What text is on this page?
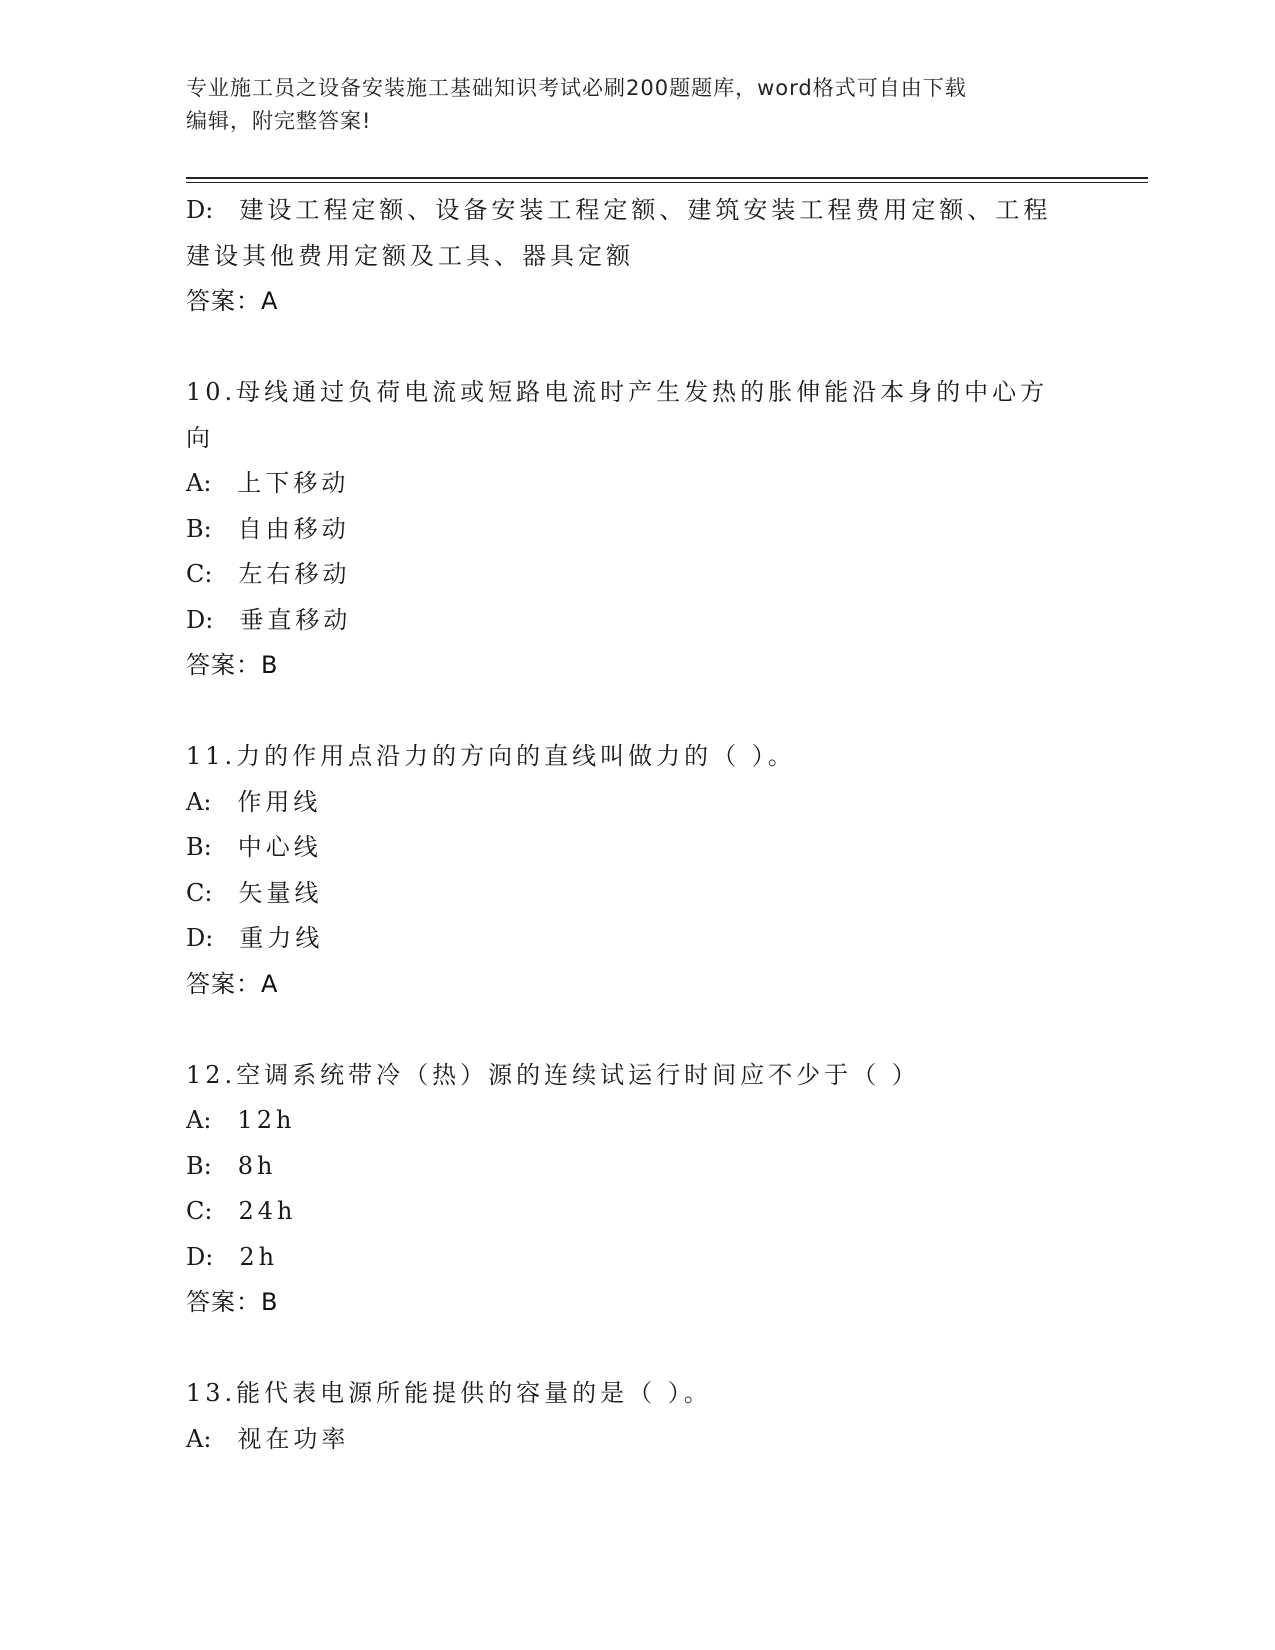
专业施工员之设备安装施工基础知识考试必刷200题题库，word格式可自由下载
编辑，附完整答案!
D: 建设工程定额、设备安装工程定额、建筑安装工程费用定额、工程
建设其他费用定额及工具、器具定额
答案：A
10.母线通过负荷电流或短路电流时产生发热的胀伸能沿本身的中心方
向
A: 上下移动
B: 自由移动
C: 左右移动
D: 垂直移动
答案：B
11.力的作用点沿力的方向的直线叫做力的（ ）。
A: 作用线
B: 中心线
C: 矢量线
D: 重力线
答案：A
12.空调系统带冷（热）源的连续试运行时间应不少于（ ）
A: 12h
B: 8h
C: 24h
D: 2h
答案：B
13.能代表电源所能提供的容量的是（ ）。
A: 视在功率
